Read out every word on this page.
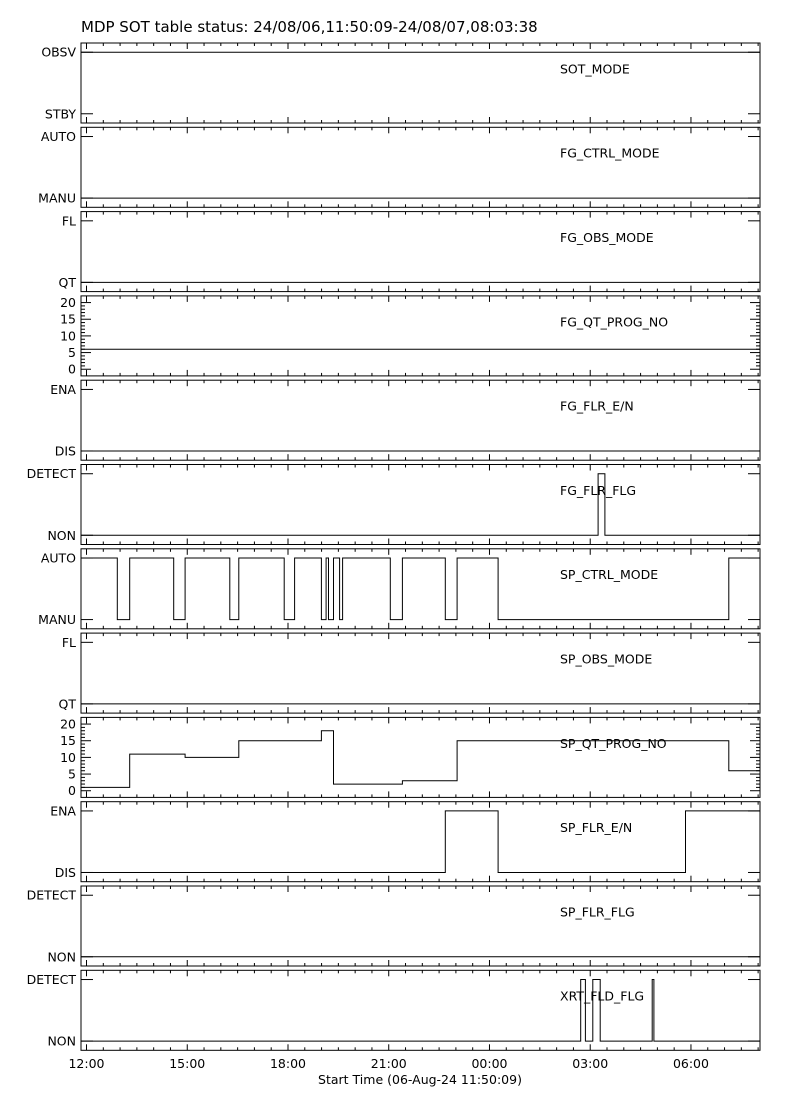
MDP SOT table status: 24/08/06,11:50:09-24/08/07,08:03:38
OBSV
STBY
SOT_MODE
AUTO
MANU
FG_CTRL_MODE
FL
QT
FG_OBS_MODE
20
15
10
5
0
FG_QT_PROG_NO
ENA
DIS
FG_FLR_E/N
DETECT
NON
FG_FLR_FLG
AUTO
MANU
SP_CTRL_MODE
FL
QT
SP_OBS_MODE
20
15
10
5
0
SP_QT_PROG_NO
ENA
DIS
SP_FLR_E/N
DETECT
NON
SP_FLR_FLG
DETECT
NON
XRT_FLD_FLG
12:00	15:00	18:00	21:00	00:00	03:00	06:00
Start Time (06-Aug-24 11:50:09)
